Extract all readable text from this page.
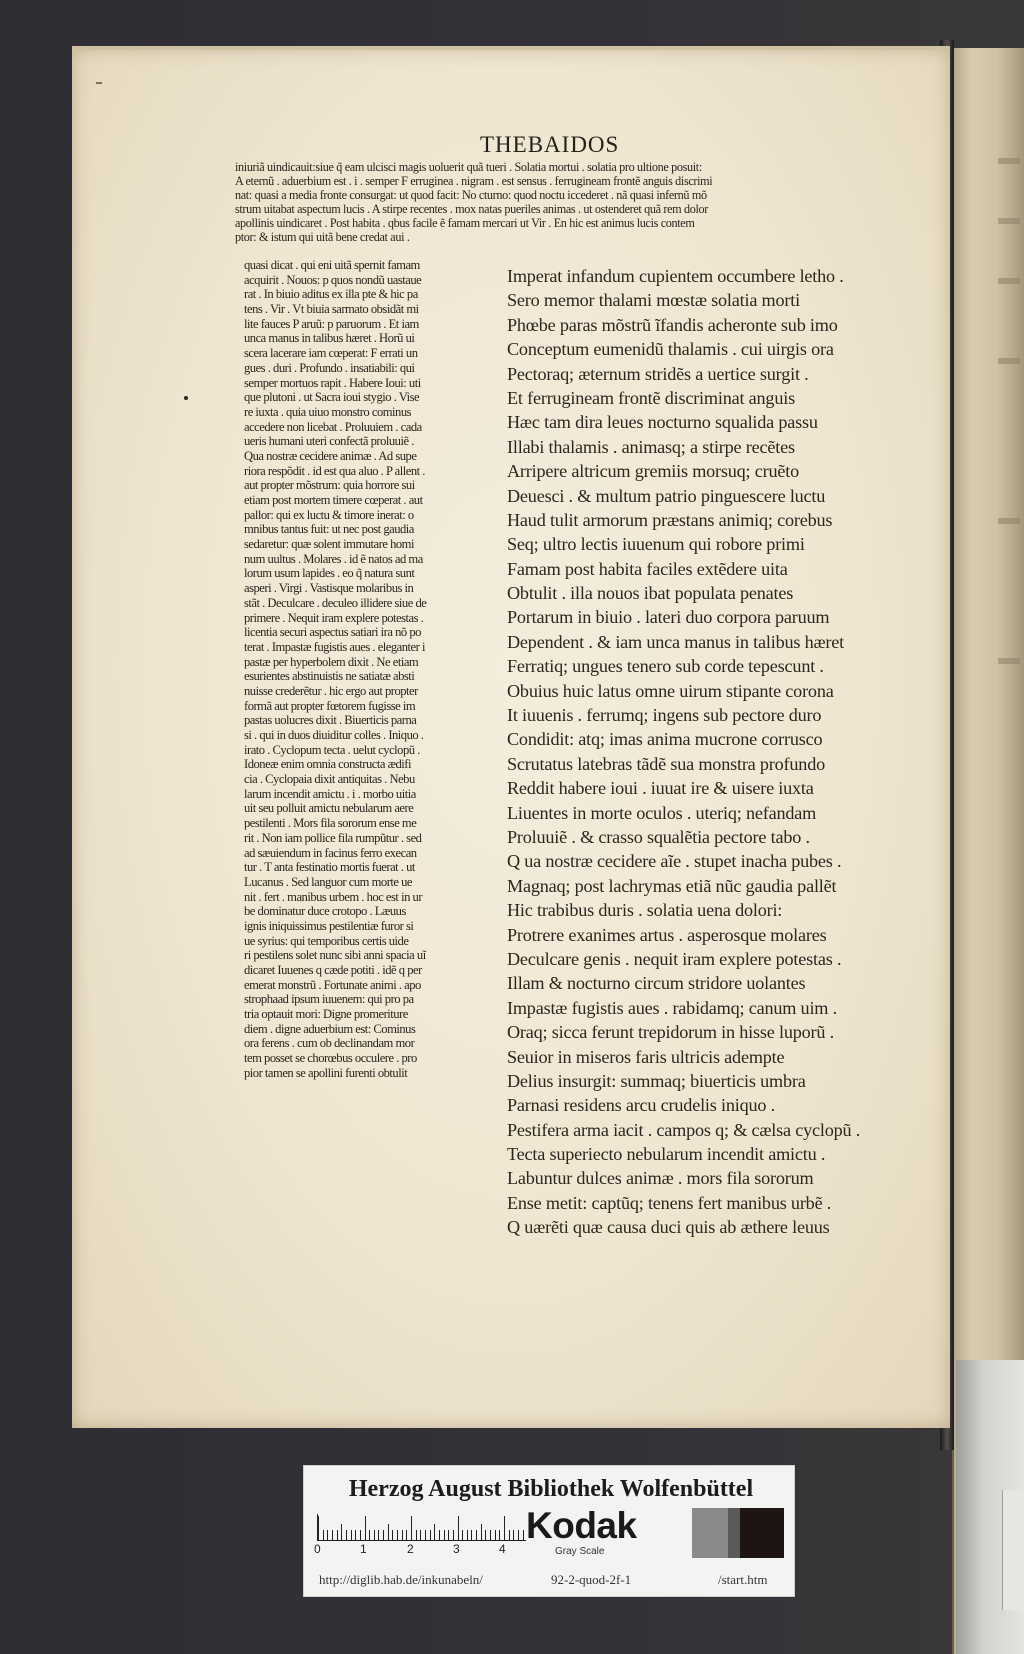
THEBAIDOS
iniuriã uindicauit:siue q̃ eam ulcisci magis uoluerit quã tueri . Solatia mortui . solatia pro ultione posuit:
A eternũ . aduerbium est . i . semper F erruginea . nigram . est sensus . ferrugineam frontẽ anguis discrimi
nat: quasi a media fronte consurgat: ut quod facit: No cturno: quod noctu iccederet . nã quasi infernũ mõ
strum uitabat aspectum lucis . A stirpe recentes . mox natas pueriles animas . ut ostenderet quã rem dolor
apollinis uindicaret . Post habita . qbus facile ẽ famam mercari ut Vir . En hic est animus lucis contem
ptor: & istum qui uitã bene credat aui .
quasi dicat . qui eni uitã spernit famam
acquirit . Nouos: p quos nondũ uastaue
rat . In biuio aditus ex illa pte & hic pa
tens . Vir . Vt biuia sarmato obsidãt mi
lite fauces P aruũ: p paruorum . Et iam
unca manus in talibus hæret . Horũ ui
scera lacerare iam cœperat: F errati un
gues . duri . Profundo . insatiabili: qui
semper mortuos rapit . Habere Ioui: uti
que plutoni . ut Sacra ioui stygio . Vise
re iuxta . quia uiuo monstro cominus
accedere non licebat . Proluuiem . cada
ueris humani uteri confectã proluuiẽ .
Qua nostræ cecidere animæ . Ad supe
riora respõdit . id est qua aluo . P allent .
aut propter mõstrum: quia horrore sui
etiam post mortem timere cœperat . aut
pallor: qui ex luctu & timore inerat: o
mnibus tantus fuit: ut nec post gaudia
sedaretur: quæ solent immutare homi
num uultus . Molares . id ẽ natos ad ma
lorum usum lapides . eo q̃ natura sunt
asperi . Virgi . Vastisque molaribus in
stãt . Deculcare . deculeo illidere siue de
primere . Nequit iram explere potestas .
licentia securi aspectus satiari ira nõ po
terat . Impastæ fugistis aues . eleganter i
pastæ per hyperbolem dixit . Ne etiam
esurientes abstinuistis ne satiatæ absti
nuisse crederẽtur . hic ergo aut propter
formã aut propter fœtorem fugisse im
pastas uolucres dixit . Biuerticis parna
si . qui in duos diuiditur colles . Iniquo .
irato . Cyclopum tecta . uelut cyclopũ .
Idoneæ enim omnia constructa ædifi
cia . Cyclopaia dixit antiquitas . Nebu
larum incendit amictu . i . morbo uitia
uit seu polluit amictu nebularum aere
pestilenti . Mors fila sororum ense me
rit . Non iam pollice fila rumpũtur . sed
ad sæuiendum in facinus ferro execan
tur . T anta festinatio mortis fuerat . ut
Lucanus . Sed languor cum morte ue
nit . fert . manibus urbem . hoc est in ur
be dominatur duce crotopo . Læuus
ignis iniquissimus pestilentiæ furor si
ue syrius: qui temporibus certis uide
ri pestilens solet nunc sibi anni spacia uĩ
dicaret Iuuenes q cæde potiti . idẽ q per
emerat monstrũ . Fortunate animi . apo
strophaad ipsum iuuenem: qui pro pa
tria optauit mori: Digne promeriture
diem . digne aduerbium est: Cominus
ora ferens . cum ob declinandam mor
tem posset se chorœbus occulere . pro
pior tamen se apollini furenti obtulit
Imperat infandum cupientem occumbere letho .
Sero memor thalami mœstæ solatia morti
Phœbe paras mõstrũ ĩfandis acheronte sub imo
Conceptum eumenidũ thalamis . cui uirgis ora
Pectoraq; æternum stridẽs a uertice surgit .
Et ferrugineam frontẽ discriminat anguis
Hæc tam dira leues nocturno squalida passu
Illabi thalamis . animasq; a stirpe recẽtes
Arripere altricum gremiis morsuq; cruẽto
Deuesci . & multum patrio pinguescere luctu
Haud tulit armorum præstans animiq; corebus
Seq; ultro lectis iuuenum qui robore primi
Famam post habita faciles extẽdere uita
Obtulit . illa nouos ibat populata penates
Portarum in biuio . lateri duo corpora paruum
Dependent . & iam unca manus in talibus hæret
Ferratiq; ungues tenero sub corde tepescunt .
Obuius huic latus omne uirum stipante corona
It iuuenis . ferrumq; ingens sub pectore duro
Condidit: atq; imas anima mucrone corrusco
Scrutatus latebras tãdẽ sua monstra profundo
Reddit habere ioui . iuuat ire & uisere iuxta
Liuentes in morte oculos . uteriq; nefandam
Proluuiẽ . & crasso squalẽtia pectore tabo .
Q ua nostræ cecidere aĩe . stupet inacha pubes .
Magnaq; post lachrymas etiã nũc gaudia pallẽt
Hic trabibus duris . solatia uena dolori:
Protrere exanimes artus . asperosque molares
Deculcare genis . nequit iram explere potestas .
Illam & nocturno circum stridore uolantes
Impastæ fugistis aues . rabidamq; canum uim .
Oraq; sicca ferunt trepidorum in hisse luporũ .
Seuior in miseros faris ultricis adempte
Delius insurgit: summaq; biuerticis umbra
Parnasi residens arcu crudelis iniquo .
Pestifera arma iacit . campos q; & cælsa cyclopũ .
Tecta superiecto nebularum incendit amictu .
Labuntur dulces animæ . mors fila sororum
Ense metit: captũq; tenens fert manibus urbẽ .
Q uærẽti quæ causa duci quis ab æthere leuus
Herzog August Bibliothek Wolfenbüttel
0	1	2	3	4
Kodak
Gray Scale
http://diglib.hab.de/inkunabeln/	92-2-quod-2f-1	/start.htm
